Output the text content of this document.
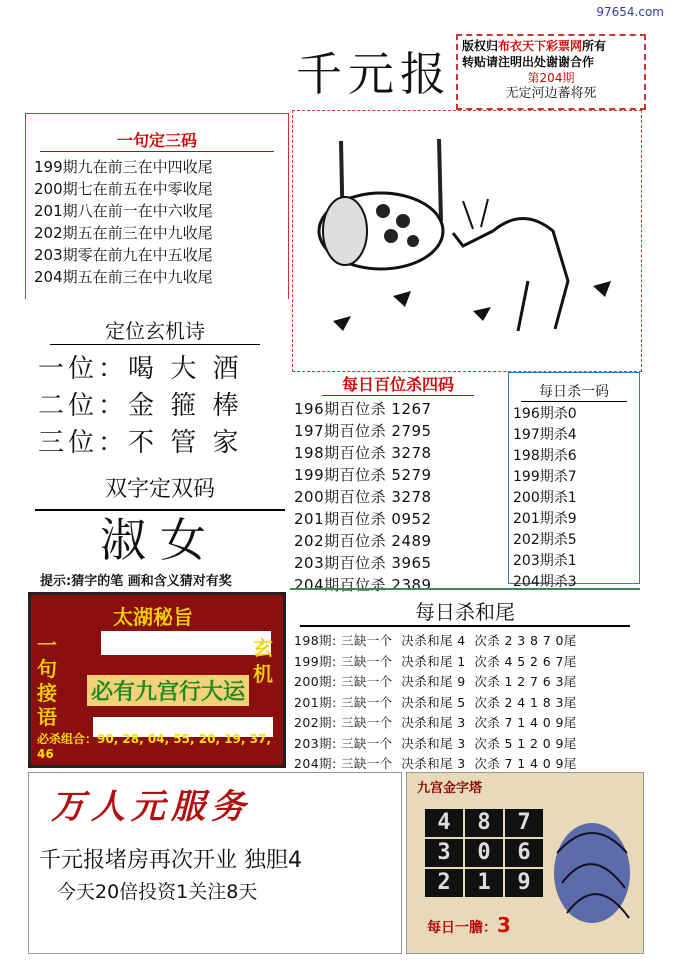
97654.com
千元报
版权归布衣天下彩票网所有
转贴请注明出处谢谢合作
第204期
无定河边蕃将死
一句定三码
199期九在前三在中四收尾
200期七在前五在中零收尾
201期八在前一在中六收尾
202期五在前三在中九收尾
203期零在前九在中五收尾
204期五在前三在中九收尾
定位玄机诗
一位：喝 大 酒
二位：金 箍 棒
三位：不 管 家
每日百位杀四码
196期百位杀 1267
197期百位杀 2795
198期百位杀 3278
199期百位杀 5279
200期百位杀 3278
201期百位杀 0952
202期百位杀 2489
203期百位杀 3965
204期百位杀 2389
每日杀一码
196期杀0
197期杀4
198期杀6
199期杀7
200期杀1
201期杀9
202期杀5
203期杀1
204期杀3
双字定双码
淑女
提示:猜字的笔 画和含义猜对有奖
太湖秘旨
一句接语
玄机
必有九宫行大运
必杀组合：90, 28, 04, 55, 20, 19, 37, 46
每日杀和尾
198期: 三缺一个  决杀和尾 4  次杀 2 3 8 7 0尾
199期: 三缺一个  决杀和尾 1  次杀 4 5 2 6 7尾
200期: 三缺一个  决杀和尾 9  次杀 1 2 7 6 3尾
201期: 三缺一个  决杀和尾 5  次杀 2 4 1 8 3尾
202期: 三缺一个  决杀和尾 3  次杀 7 1 4 0 9尾
203期: 三缺一个  决杀和尾 3  次杀 5 1 2 0 9尾
204期: 三缺一个  决杀和尾 3  次杀 7 1 4 0 9尾
万人元服务
千元报堵房再次开业 独胆4
今天20倍投资1关注8天
九宫金字塔
4	8	7
3	0	6
2	1	9
每日一膽：3
